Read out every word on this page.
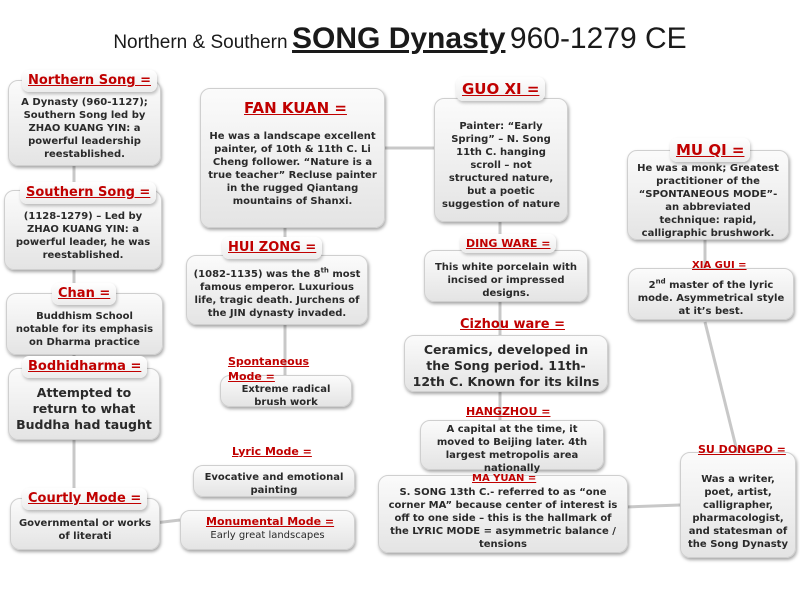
Northern & Southern SONG Dynasty 960-1279 CE
A Dynasty (960-1127); Southern Song led by ZHAO KUANG YIN: a powerful leadership reestablished.
Northern Song =
(1128-1279) – Led by ZHAO KUANG YIN: a powerful leader, he was reestablished.
Southern Song =
Buddhism School notable for its emphasis on Dharma practice
Chan =
Attempted to return to what Buddha had taught
Bodhidharma =
Governmental or works of literati
Courtly Mode =
He was a landscape excellent painter, of 10th & 11th C. Li Cheng follower. “Nature is a true teacher” Recluse painter in the rugged Qiantang mountains of Shanxi.
FAN KUAN =
(1082-1135) was the 8th most famous emperor. Luxurious life, tragic death. Jurchens of the JIN dynasty invaded.
HUI ZONG =
Extreme radical brush work
Spontaneous Mode =
Evocative and emotional painting
Lyric Mode =
Early great landscapes
Monumental Mode =
Painter: “Early Spring” – N. Song 11th C. hanging scroll – not structured nature, but a poetic suggestion of nature
GUO XI =
This white porcelain with incised or impressed designs.
DING WARE =
Ceramics, developed in the Song period. 11th-12th C. Known for its kilns
Cizhou ware =
A capital at the time, it moved to Beijing later. 4th largest metropolis area nationally
HANGZHOU =
S. SONG 13th C.- referred to as “one corner MA” because center of interest is off to one side – this is the hallmark of the LYRIC MODE = asymmetric balance / tensions
MA YUAN =
He was a monk; Greatest practitioner of the “SPONTANEOUS MODE”- an abbreviated technique: rapid, calligraphic brushwork.
MU QI =
2nd master of the lyric mode. Asymmetrical style at it’s best.
XIA GUI =
Was a writer, poet, artist, calligrapher, pharmacologist, and statesman of the Song Dynasty
SU DONGPO =
